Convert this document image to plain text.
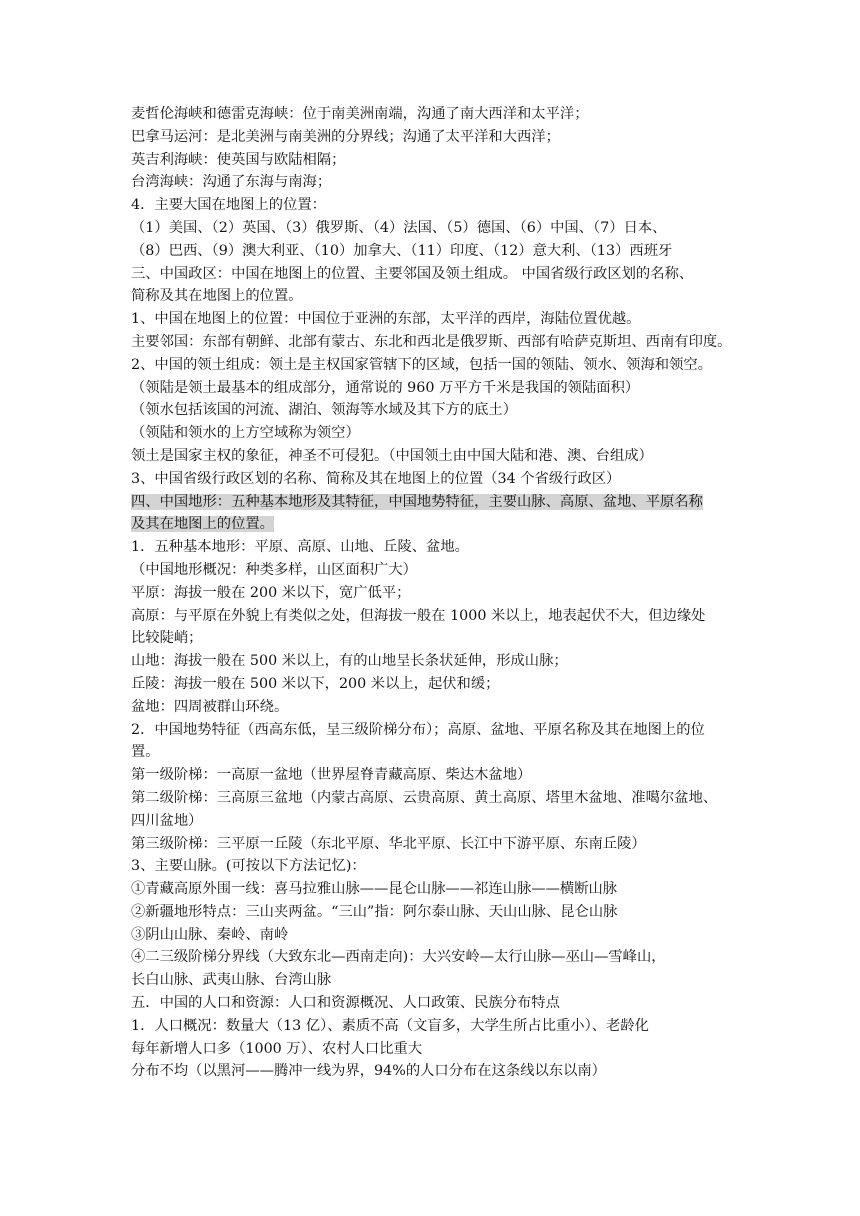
麦哲伦海峡和德雷克海峡：位于南美洲南端，沟通了南大西洋和太平洋；
巴拿马运河：是北美洲与南美洲的分界线；沟通了太平洋和大西洋；
英吉利海峡：使英国与欧陆相隔；
台湾海峡：沟通了东海与南海；
4．主要大国在地图上的位置：
（1）美国、（2）英国、（3）俄罗斯、（4）法国、（5）德国、（6）中国、（7）日本、
（8）巴西、（9）澳大利亚、（10）加拿大、（11）印度、（12）意大利、（13）西班牙
三、中国政区：中国在地图上的位置、主要邻国及领土组成。 中国省级行政区划的名称、
简称及其在地图上的位置。
1、中国在地图上的位置：中国位于亚洲的东部，太平洋的西岸，海陆位置优越。
主要邻国：东部有朝鲜、北部有蒙古、东北和西北是俄罗斯、西部有哈萨克斯坦、西南有印度。
2、中国的领土组成：领土是主权国家管辖下的区域，包括一国的领陆、领水、领海和领空。
（领陆是领土最基本的组成部分，通常说的 960 万平方千米是我国的领陆面积）
（领水包括该国的河流、湖泊、领海等水域及其下方的底土）
（领陆和领水的上方空域称为领空）
领土是国家主权的象征，神圣不可侵犯。（中国领土由中国大陆和港、澳、台组成）
3、中国省级行政区划的名称、简称及其在地图上的位置（34 个省级行政区）
四、中国地形：五种基本地形及其特征，中国地势特征，主要山脉、高原、盆地、平原名称
及其在地图上的位置。
1．五种基本地形：平原、高原、山地、丘陵、盆地。
（中国地形概况：种类多样，山区面积广大）
平原：海拔一般在 200 米以下，宽广低平；
高原：与平原在外貌上有类似之处，但海拔一般在 1000 米以上，地表起伏不大，但边缘处
比较陡峭；
山地：海拔一般在 500 米以上，有的山地呈长条状延伸，形成山脉；
丘陵：海拔一般在 500 米以下，200 米以上，起伏和缓；
盆地：四周被群山环绕。
2．中国地势特征（西高东低，呈三级阶梯分布）；高原、盆地、平原名称及其在地图上的位
置。
第一级阶梯：一高原一盆地（世界屋脊青藏高原、柴达木盆地）
第二级阶梯：三高原三盆地（内蒙古高原、云贵高原、黄土高原、塔里木盆地、准噶尔盆地、
四川盆地）
第三级阶梯：三平原一丘陵（东北平原、华北平原、长江中下游平原、东南丘陵）
3、主要山脉。(可按以下方法记忆)：
①青藏高原外围一线：喜马拉雅山脉——昆仑山脉——祁连山脉——横断山脉
②新疆地形特点：三山夹两盆。“三山”指：阿尔泰山脉、天山山脉、昆仑山脉
③阴山山脉、秦岭、南岭
④二三级阶梯分界线（大致东北—西南走向)：大兴安岭—太行山脉—巫山—雪峰山，
长白山脉、武夷山脉、台湾山脉
五．中国的人口和资源：人口和资源概况、人口政策、民族分布特点
1．人口概况：数量大（13 亿）、素质不高（文盲多，大学生所占比重小）、老龄化
每年新增人口多（1000 万）、农村人口比重大
分布不均（以黑河——腾冲一线为界，94%的人口分布在这条线以东以南）
